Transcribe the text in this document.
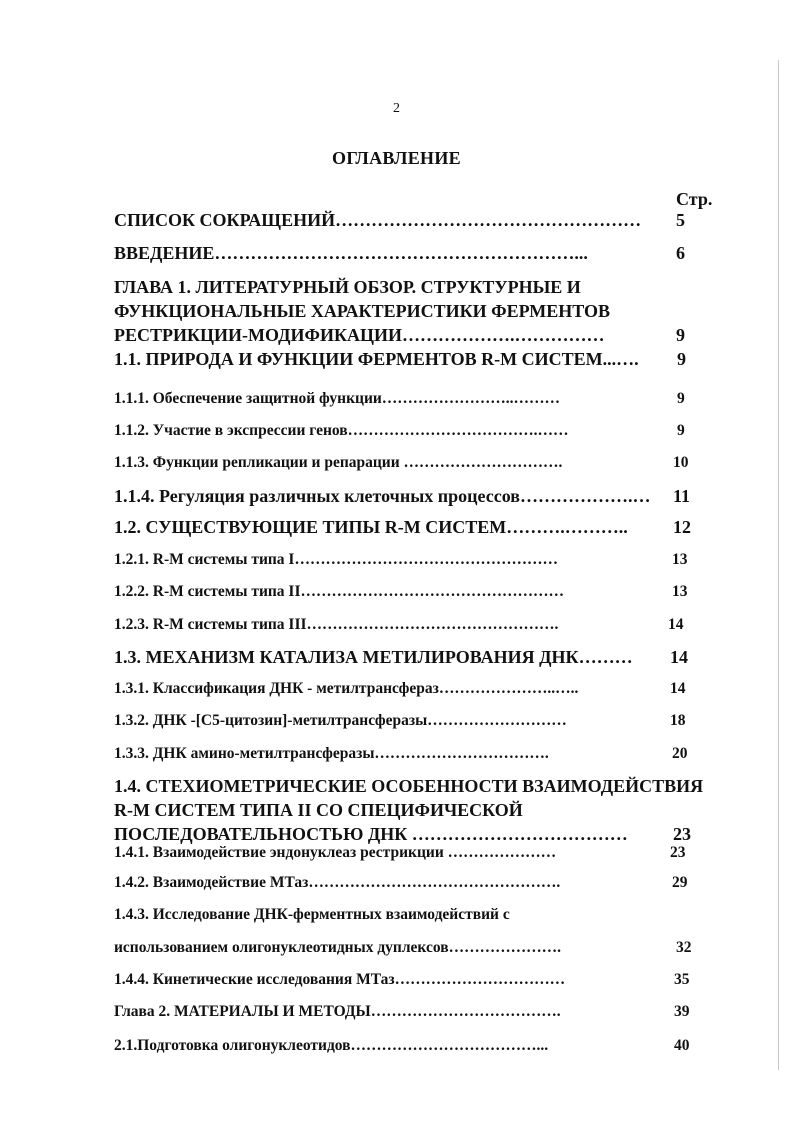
2
ОГЛАВЛЕНИЕ
Стр.
СПИСОК СОКРАЩЕНИЙ…………………………………………… 5
ВВЕДЕНИЕ……………………………………………………...	6
ГЛАВА 1. ЛИТЕРАТУРНЫЙ ОБЗОР. СТРУКТУРНЫЕ И
ФУНКЦИОНАЛЬНЫЕ ХАРАКТЕРИСТИКИ ФЕРМЕНТОВ
РЕСТРИКЦИИ-МОДИФИКАЦИИ……………….……………	9
1.1. ПРИРОДА И ФУНКЦИИ ФЕРМЕНТОВ R-M СИСТЕМ...…. 9
1.1.1. Обеспечение защитной функции……………………..………	9
1.1.2. Участие в экспрессии генов……………………………….……	9
1.1.3. Функции репликации и репарации ………………………….	10
1.1.4. Регуляция различных клеточных процессов……………….… 11
1.2. СУЩЕСТВУЮЩИЕ ТИПЫ R-M СИСТЕМ……….………..	12
1.2.1. R-M системы типа I……………………………………………	13
1.2.2. R-M системы типа II……………………………………………	13
1.2.3. R-M системы типа III………………………………………….	14
1.3. МЕХАНИЗМ КАТАЛИЗА МЕТИЛИРОВАНИЯ ДНК……… 14
1.3.1. Классификация ДНК - метилтрансфераз…………………..…..	14
1.3.2. ДНК -[С5-цитозин]-метилтрансферазы………………………	18
1.3.3. ДНК амино-метилтрансферазы…………………………….	20
1.4. СТЕХИОМЕТРИЧЕСКИЕ ОСОБЕННОСТИ ВЗАИМОДЕЙСТВИЯ
R-M СИСТЕМ ТИПА II СО СПЕЦИФИЧЕСКОЙ
ПОСЛЕДОВАТЕЛЬНОСТЬЮ ДНК ………………………………	23
1.4.1. Взаимодействие эндонуклеаз рестрикции …………………	23
1.4.2. Взаимодействие МТаз………………………………………….	29
1.4.3. Исследование ДНК-ферментных взаимодействий с
использованием олигонуклеотидных дуплексов………………….	32
1.4.4. Кинетические исследования МТаз……………………………	35
Глава 2. МАТЕРИАЛЫ И МЕТОДЫ……………………………….	39
2.1.Подготовка олигонуклеотидов………………………………...	40
